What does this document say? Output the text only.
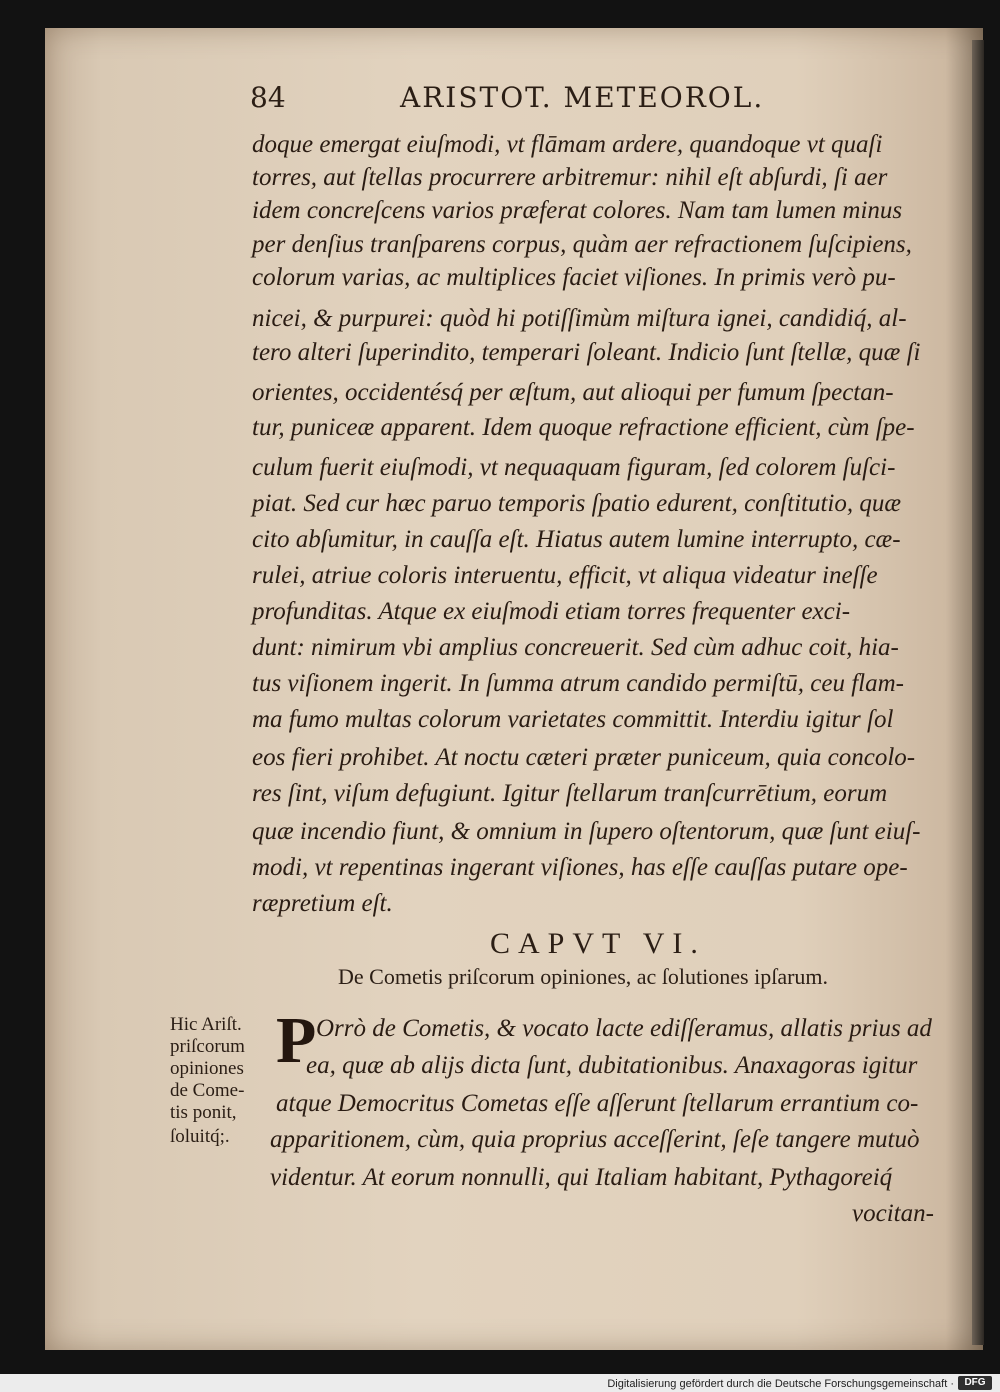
84	ARISTOT. METEOROL.
doque emergat eiuſmodi, vt flāmam ardere, quandoque vt quaſi
torres, aut ſtellas procurrere arbitremur: nihil eſt abſurdi, ſi aer
idem concreſcens varios præferat colores. Nam tam lumen minus
per denſius tranſparens corpus, quàm aer refractionem ſuſcipiens,
colorum varias, ac multiplices faciet viſiones. In primis verò pu-
nicei, & purpurei: quòd hi potiſſimùm miſtura ignei, candidiq́, al-
tero alteri ſuperindito, temperari ſoleant. Indicio ſunt ſtellæ, quæ ſi
orientes, occidentésq́ per æſtum, aut alioqui per fumum ſpectan-
tur, puniceæ apparent. Idem quoque refractione efficient, cùm ſpe-
culum fuerit eiuſmodi, vt nequaquam figuram, ſed colorem ſuſci-
piat. Sed cur hæc paruo temporis ſpatio edurent, conſtitutio, quæ
cito abſumitur, in cauſſa eſt. Hiatus autem lumine interrupto, cæ-
rulei, atriue coloris interuentu, efficit, vt aliqua videatur ineſſe
profunditas. Atque ex eiuſmodi etiam torres frequenter exci-
dunt: nimirum vbi amplius concreuerit. Sed cùm adhuc coit, hia-
tus viſionem ingerit. In ſumma atrum candido permiſtū, ceu flam-
ma fumo multas colorum varietates committit. Interdiu igitur ſol
eos fieri prohibet. At noctu cæteri præter puniceum, quia concolo-
res ſint, viſum defugiunt. Igitur ſtellarum tranſcurrētium, eorum
quæ incendio fiunt, & omnium in ſupero oſtentorum, quæ ſunt eiuſ-
modi, vt repentinas ingerant viſiones, has eſſe cauſſas putare ope-
ræpretium eſt.
CAPVT VI.
De Cometis priſcorum opiniones, ac ſolutiones ipſarum.
Hic Ariſt.
priſcorum
opiniones
de Come-
tis ponit,
ſoluitq́;.
P Orrò de Cometis, & vocato lacte ediſſeramus, allatis prius ad
ea, quæ ab alijs dicta ſunt, dubitationibus. Anaxagoras igitur
atque Democritus Cometas eſſe aſſerunt ſtellarum errantium co-
apparitionem, cùm, quia proprius acceſſerint, ſeſe tangere mutuò
videntur. At eorum nonnulli, qui Italiam habitant, Pythagoreiq́
vocitan-
Digitalisierung gefördert durch die Deutsche Forschungsgemeinschaft ·	DFG
